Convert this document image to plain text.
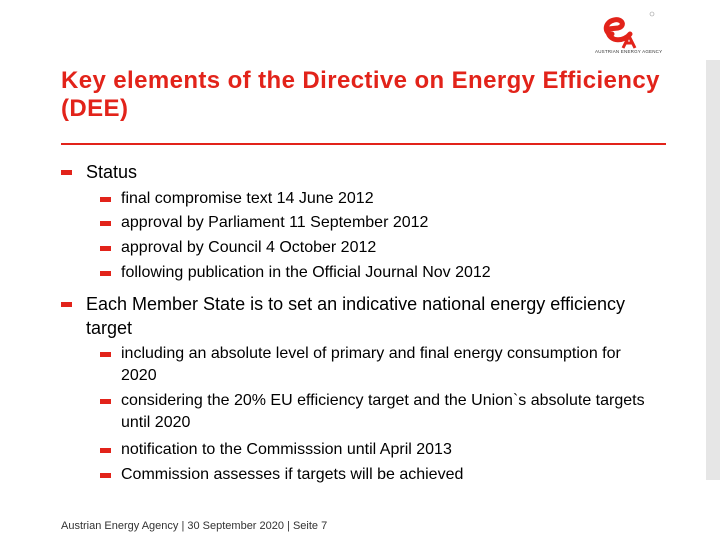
AUSTRIAN ENERGY AGENCY
Key elements of the Directive on Energy Efficiency (DEE)
Status
final compromise text 14 June 2012
approval by Parliament 11 September 2012
approval by Council 4 October 2012
following publication in the Official Journal Nov 2012
Each Member State is to set an indicative national energy efficiency target
including an absolute level of primary and final energy consumption for 2020
considering the 20% EU efficiency target and the Union`s absolute targets until 2020
notification to the Commisssion until April 2013
Commission assesses if targets will be achieved
Austrian Energy Agency | 30 September 2020 | Seite 7
